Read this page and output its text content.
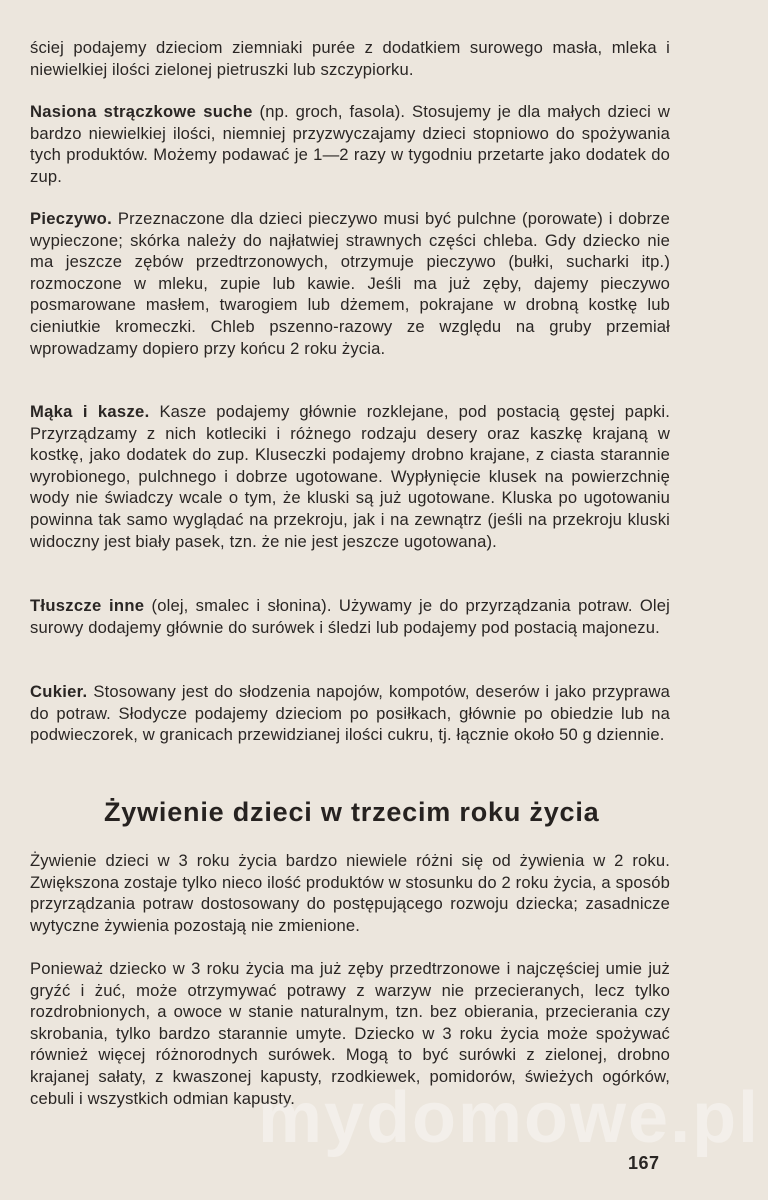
ściej podajemy dzieciom ziemniaki purée z dodatkiem surowego masła, mleka i niewielkiej ilości zielonej pietruszki lub szczypiorku.

Nasiona strączkowe suche (np. groch, fasola). Stosujemy je dla małych dzieci w bardzo niewielkiej ilości, niemniej przyzwyczajamy dzieci stopniowo do spożywania tych produktów. Możemy podawać je 1—2 razy w tygodniu przetarte jako dodatek do zup.

Pieczywo. Przeznaczone dla dzieci pieczywo musi być pulchne (porowate) i dobrze wypieczone; skórka należy do najłatwiej strawnych części chleba. Gdy dziecko nie ma jeszcze zębów przedtrzonowych, otrzymuje pieczywo (bułki, sucharki itp.) rozmoczone w mleku, zupie lub kawie. Jeśli ma już zęby, dajemy pieczywo posmarowane masłem, twarogiem lub dżemem, pokrajane w drobną kostkę lub cieniutkie kromeczki. Chleb pszenno-razowy ze względu na gruby przemiał wprowadzamy dopiero przy końcu 2 roku życia.

Mąka i kasze. Kasze podajemy głównie rozklejane, pod postacią gęstej papki. Przyrządzamy z nich kotleciki i różnego rodzaju desery oraz kaszkę krajaną w kostkę, jako dodatek do zup. Kluseczki podajemy drobno krajane, z ciasta starannie wyrobionego, pulchnego i dobrze ugotowane. Wypłynięcie klusek na powierzchnię wody nie świadczy wcale o tym, że kluski są już ugotowane. Kluska po ugotowaniu powinna tak samo wyglądać na przekroju, jak i na zewnątrz (jeśli na przekroju kluski widoczny jest biały pasek, tzn. że nie jest jeszcze ugotowana).

Tłuszcze inne (olej, smalec i słonina). Używamy je do przyrządzania potraw. Olej surowy dodajemy głównie do surówek i śledzi lub podajemy pod postacią majonezu.

Cukier. Stosowany jest do słodzenia napojów, kompotów, deserów i jako przyprawa do potraw. Słodycze podajemy dzieciom po posiłkach, głównie po obiedzie lub na podwieczorek, w granicach przewidzianej ilości cukru, tj. łącznie około 50 g dziennie.

Żywienie dzieci w trzecim roku życia

Żywienie dzieci w 3 roku życia bardzo niewiele różni się od żywienia w 2 roku. Zwiększona zostaje tylko nieco ilość produktów w stosunku do 2 roku życia, a sposób przyrządzania potraw dostosowany do postępującego rozwoju dziecka; zasadnicze wytyczne żywienia pozostają nie zmienione.

Ponieważ dziecko w 3 roku życia ma już zęby przedtrzonowe i najczęściej umie już gryźć i żuć, może otrzymywać potrawy z warzyw nie przecieranych, lecz tylko rozdrobnionych, a owoce w stanie naturalnym, tzn. bez obierania, przecierania czy skrobania, tylko bardzo starannie umyte. Dziecko w 3 roku życia może spożywać również więcej różnorodnych surówek. Mogą to być surówki z zielonej, drobno krajanej sałaty, z kwaszonej kapusty, rzodkiewek, pomidorów, świeżych ogórków, cebuli i wszystkich odmian kapusty.

mydomowe.pl
167
